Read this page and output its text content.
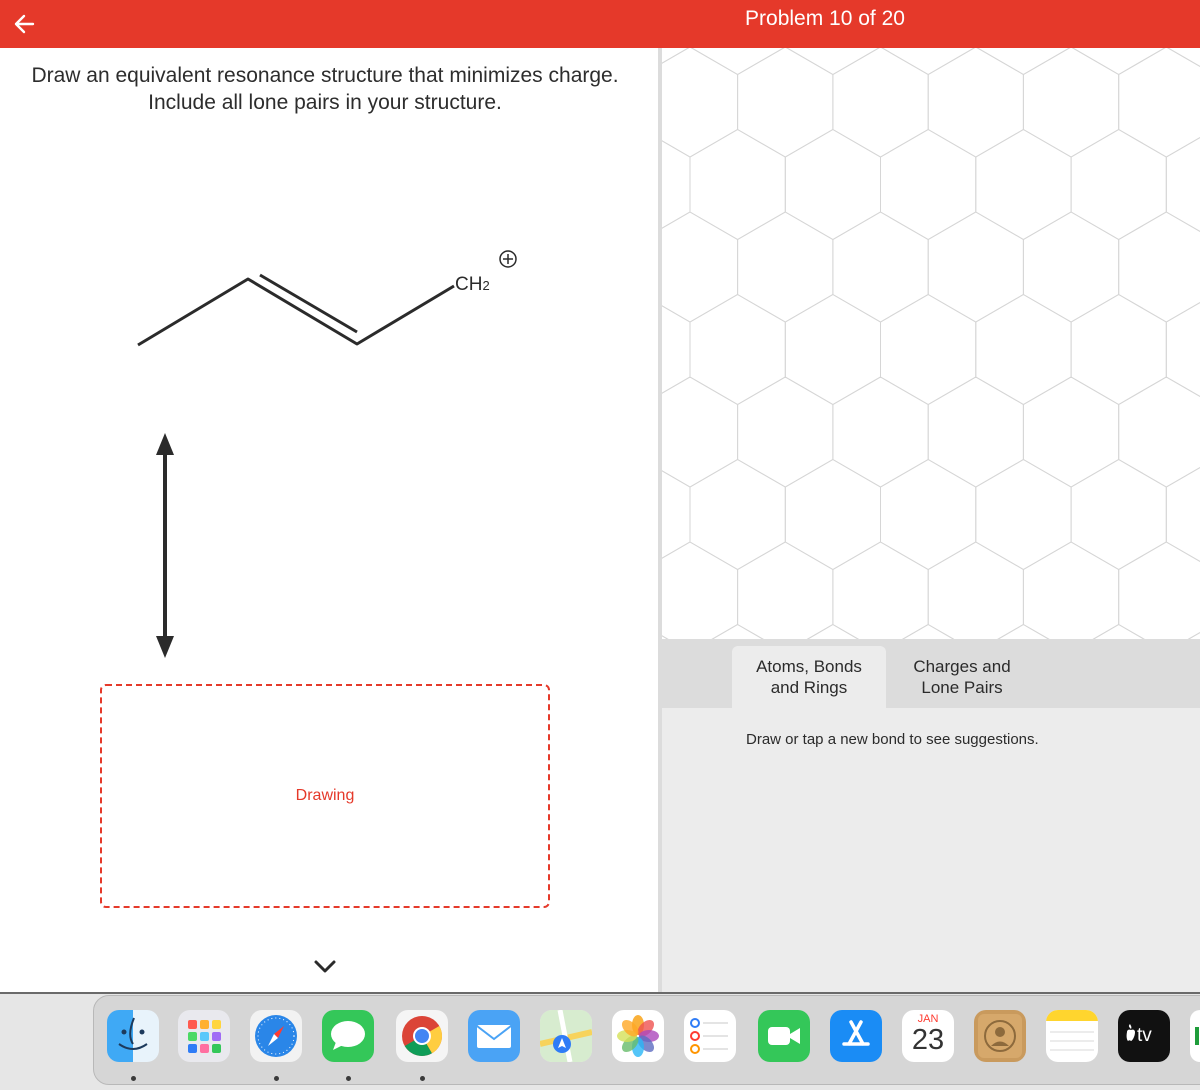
Problem 10 of 20
Draw an equivalent resonance structure that minimizes charge.
Include all lone pairs in your structure.
CH2
Drawing
Atoms, Bonds
and Rings
Charges and
Lone Pairs
Draw or tap a new bond to see suggestions.
JAN
23	tv
